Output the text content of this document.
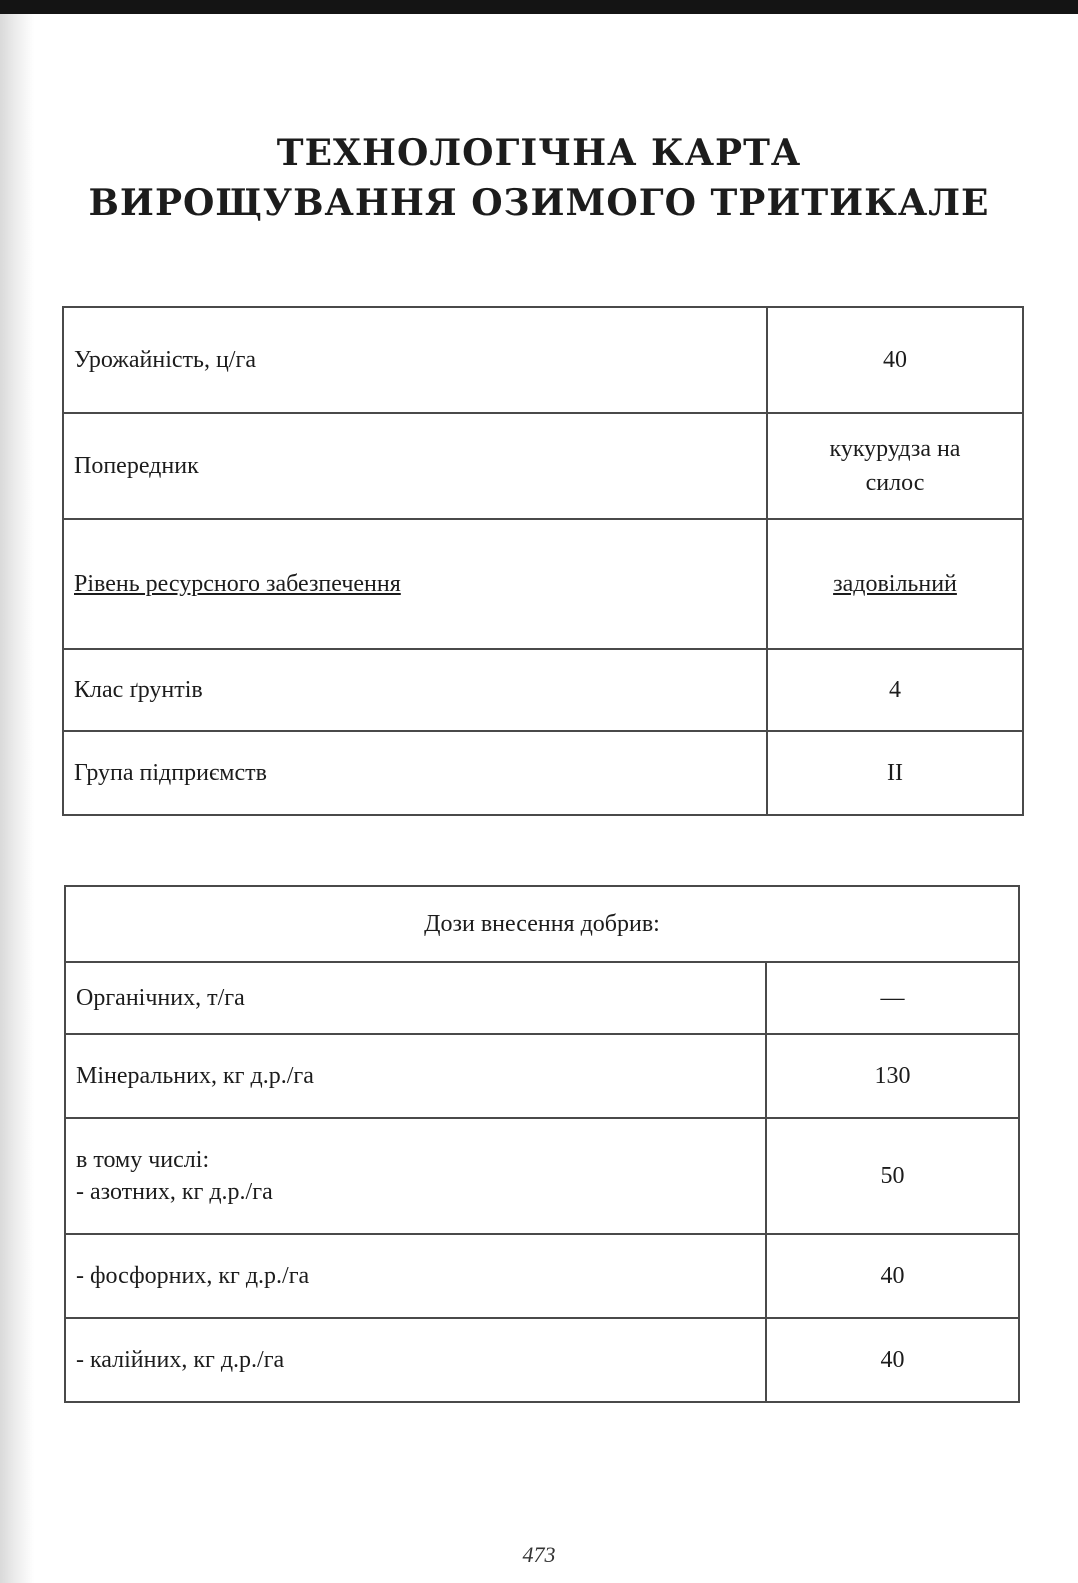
ТЕХНОЛОГІЧНА КАРТА
ВИРОЩУВАННЯ ОЗИМОГО ТРИТИКАЛЕ
Урожайність, ц/га	40
Попередник	кукурудза на
силос

Рівень ресурсного забезпечення	задовільний
Клас ґрунтів	4
Група підприємств	II
Дози внесення добрив:	
Органічних, т/га	—
Мінеральних, кг д.р./га	130

в тому числі:
- азотних, кг д.р./га	50
- фосфорних, кг д.р./га	40
- калійних, кг д.р./га	40
473
